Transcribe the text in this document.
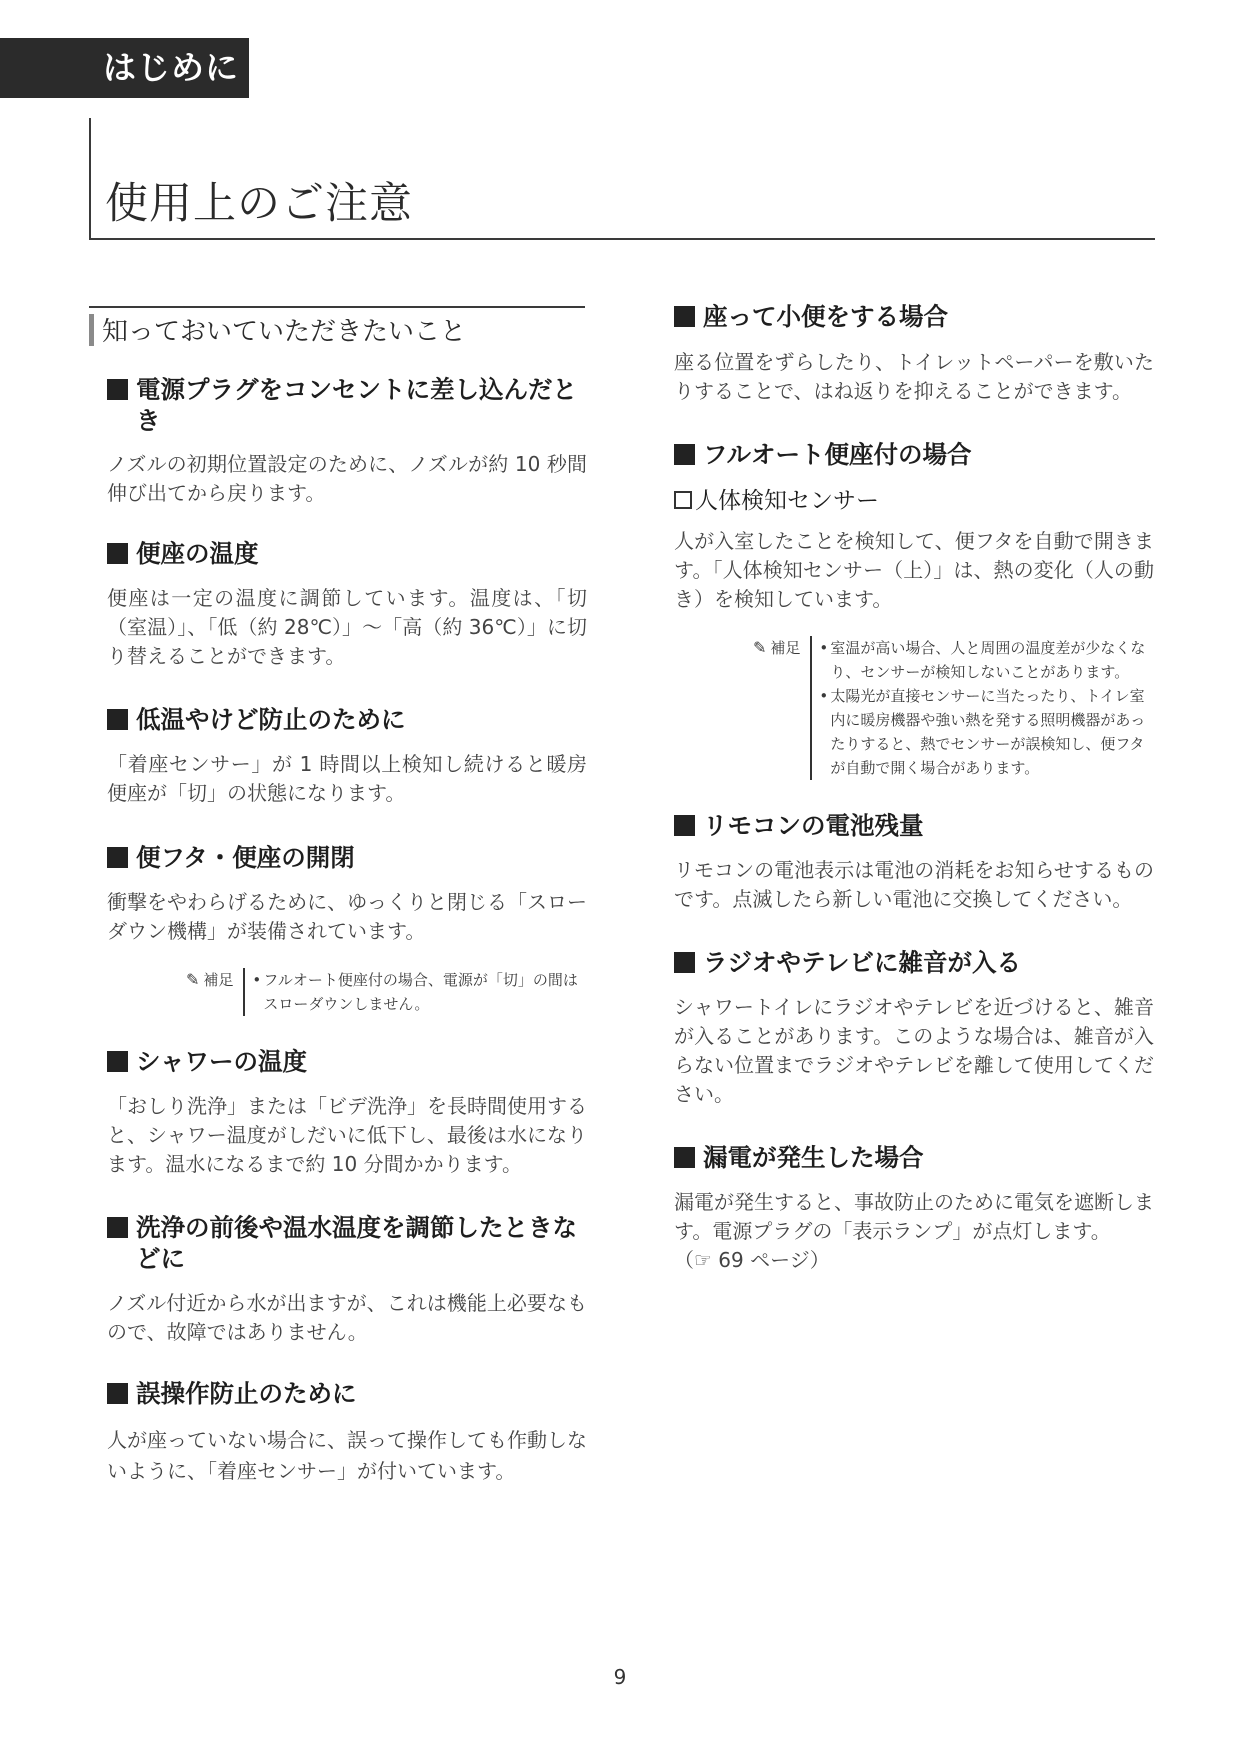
はじめに
使用上のご注意
知っておいていただきたいこと
電源プラグをコンセントに差し込んだとき

ノズルの初期位置設定のために、ノズルが約 10 秒間伸び出てから戻ります。

便座の温度

便座は一定の温度に調節しています。温度は、「切（室温）」、「低（約 28℃）」～「高（約 36℃）」に切り替えることができます。

低温やけど防止のために

「着座センサー」が 1 時間以上検知し続けると暖房便座が「切」の状態になります。

便フタ・便座の開閉

衝撃をやわらげるために、ゆっくりと閉じる「スローダウン機構」が装備されています。

✎ 補足 • フルオート便座付の場合、電源が「切」の間はスローダウンしません。
シャワーの温度

「おしり洗浄」または「ビデ洗浄」を長時間使用すると、シャワー温度がしだいに低下し、最後は水になります。温水になるまで約 10 分間かかります。

洗浄の前後や温水温度を調節したときなどに

ノズル付近から水が出ますが、これは機能上必要なもので、故障ではありません。

誤操作防止のために

人が座っていない場合に、誤って操作しても作動しないように、「着座センサー」が付いています。

座って小便をする場合

座る位置をずらしたり、トイレットペーパーを敷いたりすることで、はね返りを抑えることができます。

フルオート便座付の場合
人体検知センサー

人が入室したことを検知して、便フタを自動で開きます。「人体検知センサー（上）」は、熱の変化（人の動き）を検知しています。

✎ 補足 • 室温が高い場合、人と周囲の温度差が少なくなり、センサーが検知しないことがあります。
• 太陽光が直接センサーに当たったり、トイレ室内に暖房機器や強い熱を発する照明機器があったりすると、熱でセンサーが誤検知し、便フタが自動で開く場合があります。
リモコンの電池残量

リモコンの電池表示は電池の消耗をお知らせするものです。点滅したら新しい電池に交換してください。

ラジオやテレビに雑音が入る

シャワートイレにラジオやテレビを近づけると、雑音が入ることがあります。このような場合は、雑音が入らない位置までラジオやテレビを離して使用してください。

漏電が発生した場合

漏電が発生すると、事故防止のために電気を遮断します。電源プラグの「表示ランプ」が点灯します。

（☞ 69 ページ）

9
